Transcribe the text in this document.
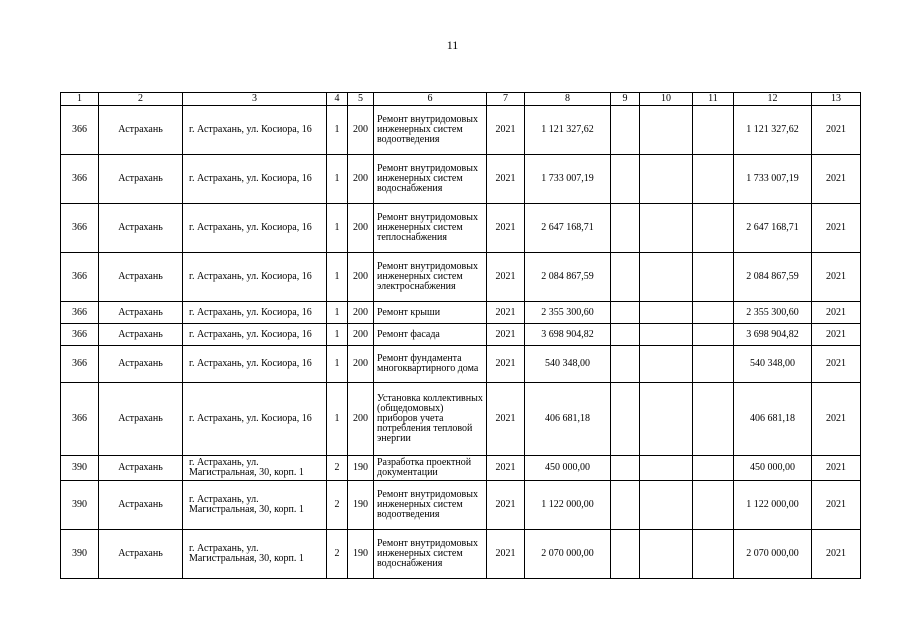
11
1	2	3	4	5	6	7	8	9	10	11	12	13
366	Астрахань	г. Астрахань, ул. Косиора, 16	1	200	Ремонт внутридомовых инженерных систем водоотведения	2021	1 121 327,62				1 121 327,62	2021
366	Астрахань	г. Астрахань, ул. Косиора, 16	1	200	Ремонт внутридомовых инженерных систем водоснабжения	2021	1 733 007,19				1 733 007,19	2021
366	Астрахань	г. Астрахань, ул. Косиора, 16	1	200	Ремонт внутридомовых инженерных систем теплоснабжения	2021	2 647 168,71				2 647 168,71	2021
366	Астрахань	г. Астрахань, ул. Косиора, 16	1	200	Ремонт внутридомовых инженерных систем электроснабжения	2021	2 084 867,59				2 084 867,59	2021
366	Астрахань	г. Астрахань, ул. Косиора, 16	1	200	Ремонт крыши	2021	2 355 300,60				2 355 300,60	2021
366	Астрахань	г. Астрахань, ул. Косиора, 16	1	200	Ремонт фасада	2021	3 698 904,82				3 698 904,82	2021
366	Астрахань	г. Астрахань, ул. Косиора, 16	1	200	Ремонт фундамента многоквартирного дома	2021	540 348,00				540 348,00	2021
366	Астрахань	г. Астрахань, ул. Косиора, 16	1	200	Установка коллективных (общедомовых) приборов учета потребления тепловой энергии	2021	406 681,18				406 681,18	2021
390	Астрахань	г. Астрахань, ул. Магистральная, 30, корп. 1	2	190	Разработка проектной документации	2021	450 000,00				450 000,00	2021
390	Астрахань	г. Астрахань, ул. Магистральная, 30, корп. 1	2	190	Ремонт внутридомовых инженерных систем водоотведения	2021	1 122 000,00				1 122 000,00	2021
390	Астрахань	г. Астрахань, ул. Магистральная, 30, корп. 1	2	190	Ремонт внутридомовых инженерных систем водоснабжения	2021	2 070 000,00				2 070 000,00	2021
